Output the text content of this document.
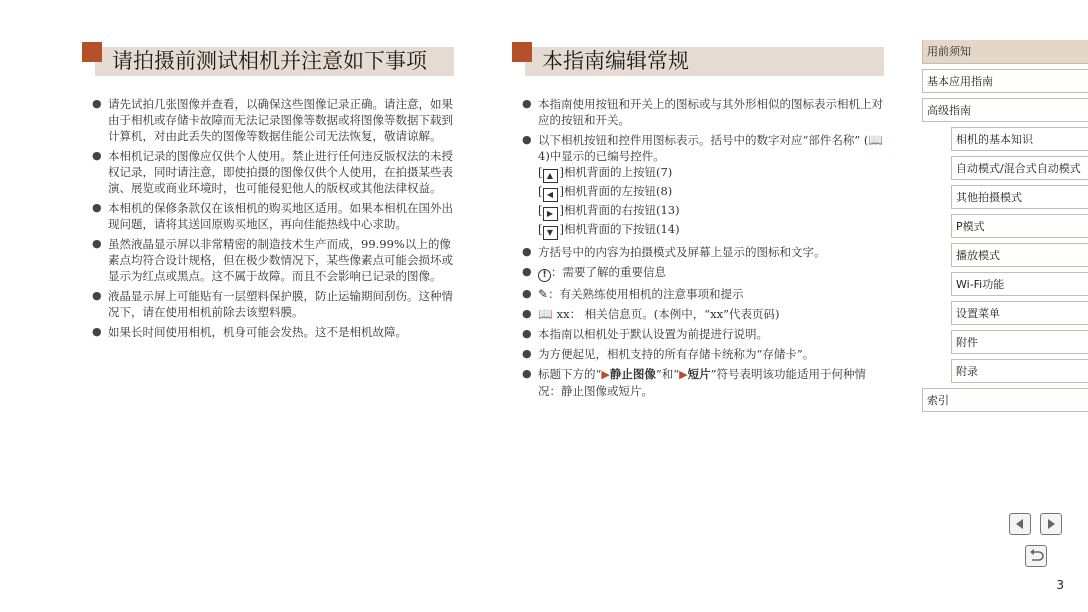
请拍摄前测试相机并注意如下事项
● 请先试拍几张图像并查看，以确保这些图像记录正确。请注意，如果由于相机或存储卡故障而无法记录图像等数据或将图像等数据下载到计算机，对由此丢失的图像等数据佳能公司无法恢复，敬请谅解。
● 本相机记录的图像应仅供个人使用。禁止进行任何违反版权法的未授权记录，同时请注意，即使拍摄的图像仅供个人使用，在拍摄某些表演、展览或商业环境时，也可能侵犯他人的版权或其他法律权益。
● 本相机的保修条款仅在该相机的购买地区适用。如果本相机在国外出现问题，请将其送回原购买地区，再向佳能热线中心求助。
● 虽然液晶显示屏以非常精密的制造技术生产而成，99.99%以上的像素点均符合设计规格，但在极少数情况下，某些像素点可能会损坏或显示为红点或黑点。这不属于故障。而且不会影响已记录的图像。
● 液晶显示屏上可能贴有一层塑料保护膜，防止运输期间刮伤。这种情况下，请在使用相机前除去该塑料膜。
● 如果长时间使用相机，机身可能会发热。这不是相机故障。
本指南编辑常规
● 本指南使用按钮和开关上的图标或与其外形相似的图标表示相机上对应的按钮和开关。
● 以下相机按钮和控件用图标表示。括号中的数字对应“部件名称” (📖4)中显示的已编号控件。
[ ▲ ]相机背面的上按钮(7)
[ ◀ ]相机背面的左按钮(8)
[ ▶ ]相机背面的右按钮(13)
[ ▼ ]相机背面的下按钮(14)
● 方括号中的内容为拍摄模式及屏幕上显示的图标和文字。
● ! ：需要了解的重要信息
● ✎：有关熟练使用相机的注意事项和提示
● 📖 xx： 相关信息页。(本例中，“xx”代表页码)
● 本指南以相机处于默认设置为前提进行说明。
● 为方便起见，相机支持的所有存储卡统称为“存储卡”。
● 标题下方的“▶静止图像”和“▶短片”符号表明该功能适用于何种情况：静止图像或短片。
用前须知
基本应用指南
高级指南
相机的基本知识
自动模式/混合式自动模式
其他拍摄模式
P模式
播放模式
Wi-Fi功能
设置菜单
附件
附录
索引
3
